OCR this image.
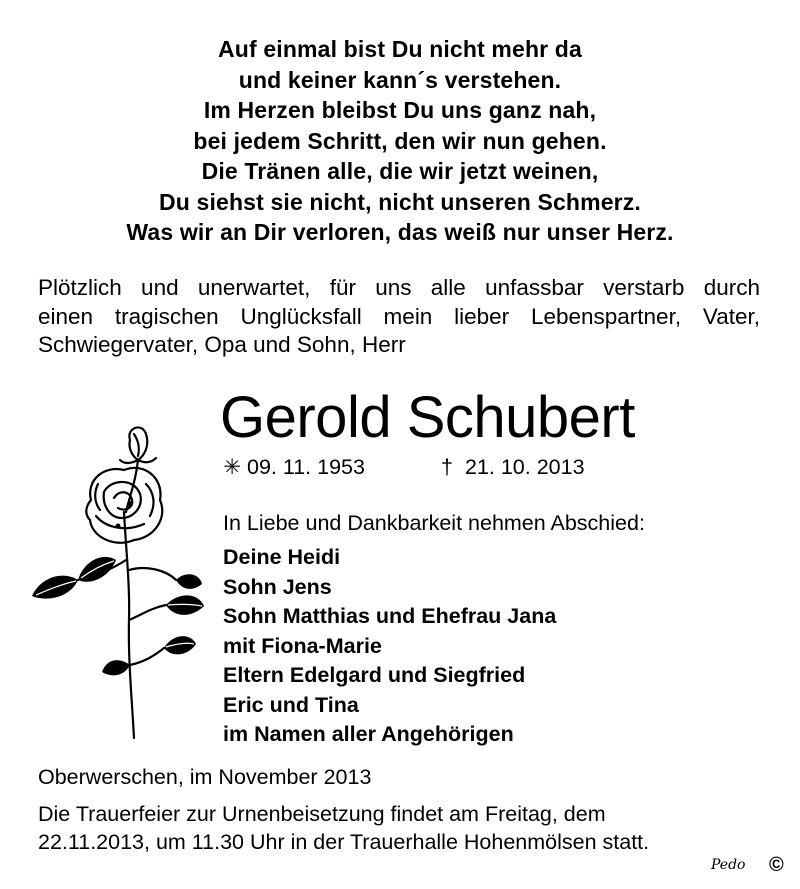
Auf einmal bist Du nicht mehr da
und keiner kann´s verstehen.
Im Herzen bleibst Du uns ganz nah,
bei jedem Schritt, den wir nun gehen.
Die Tränen alle, die wir jetzt weinen,
Du siehst sie nicht, nicht unseren Schmerz.
Was wir an Dir verloren, das weiß nur unser Herz.
Plötzlich und unerwartet, für uns alle unfassbar verstarb durch
einen tragischen Unglücksfall mein lieber Lebenspartner, Vater,
Schwiegervater, Opa und Sohn, Herr
Gerold Schubert
✳ 09. 11. 1953	† 21. 10. 2013
In Liebe und Dankbarkeit nehmen Abschied:
Deine Heidi
Sohn Jens
Sohn Matthias und Ehefrau Jana
mit Fiona-Marie
Eltern Edelgard und Siegfried
Eric und Tina
im Namen aller Angehörigen
Oberwerschen, im November 2013
Die Trauerfeier zur Urnenbeisetzung findet am Freitag, dem
22.11.2013, um 11.30 Uhr in der Trauerhalle Hohenmölsen statt.
Pedo ©
